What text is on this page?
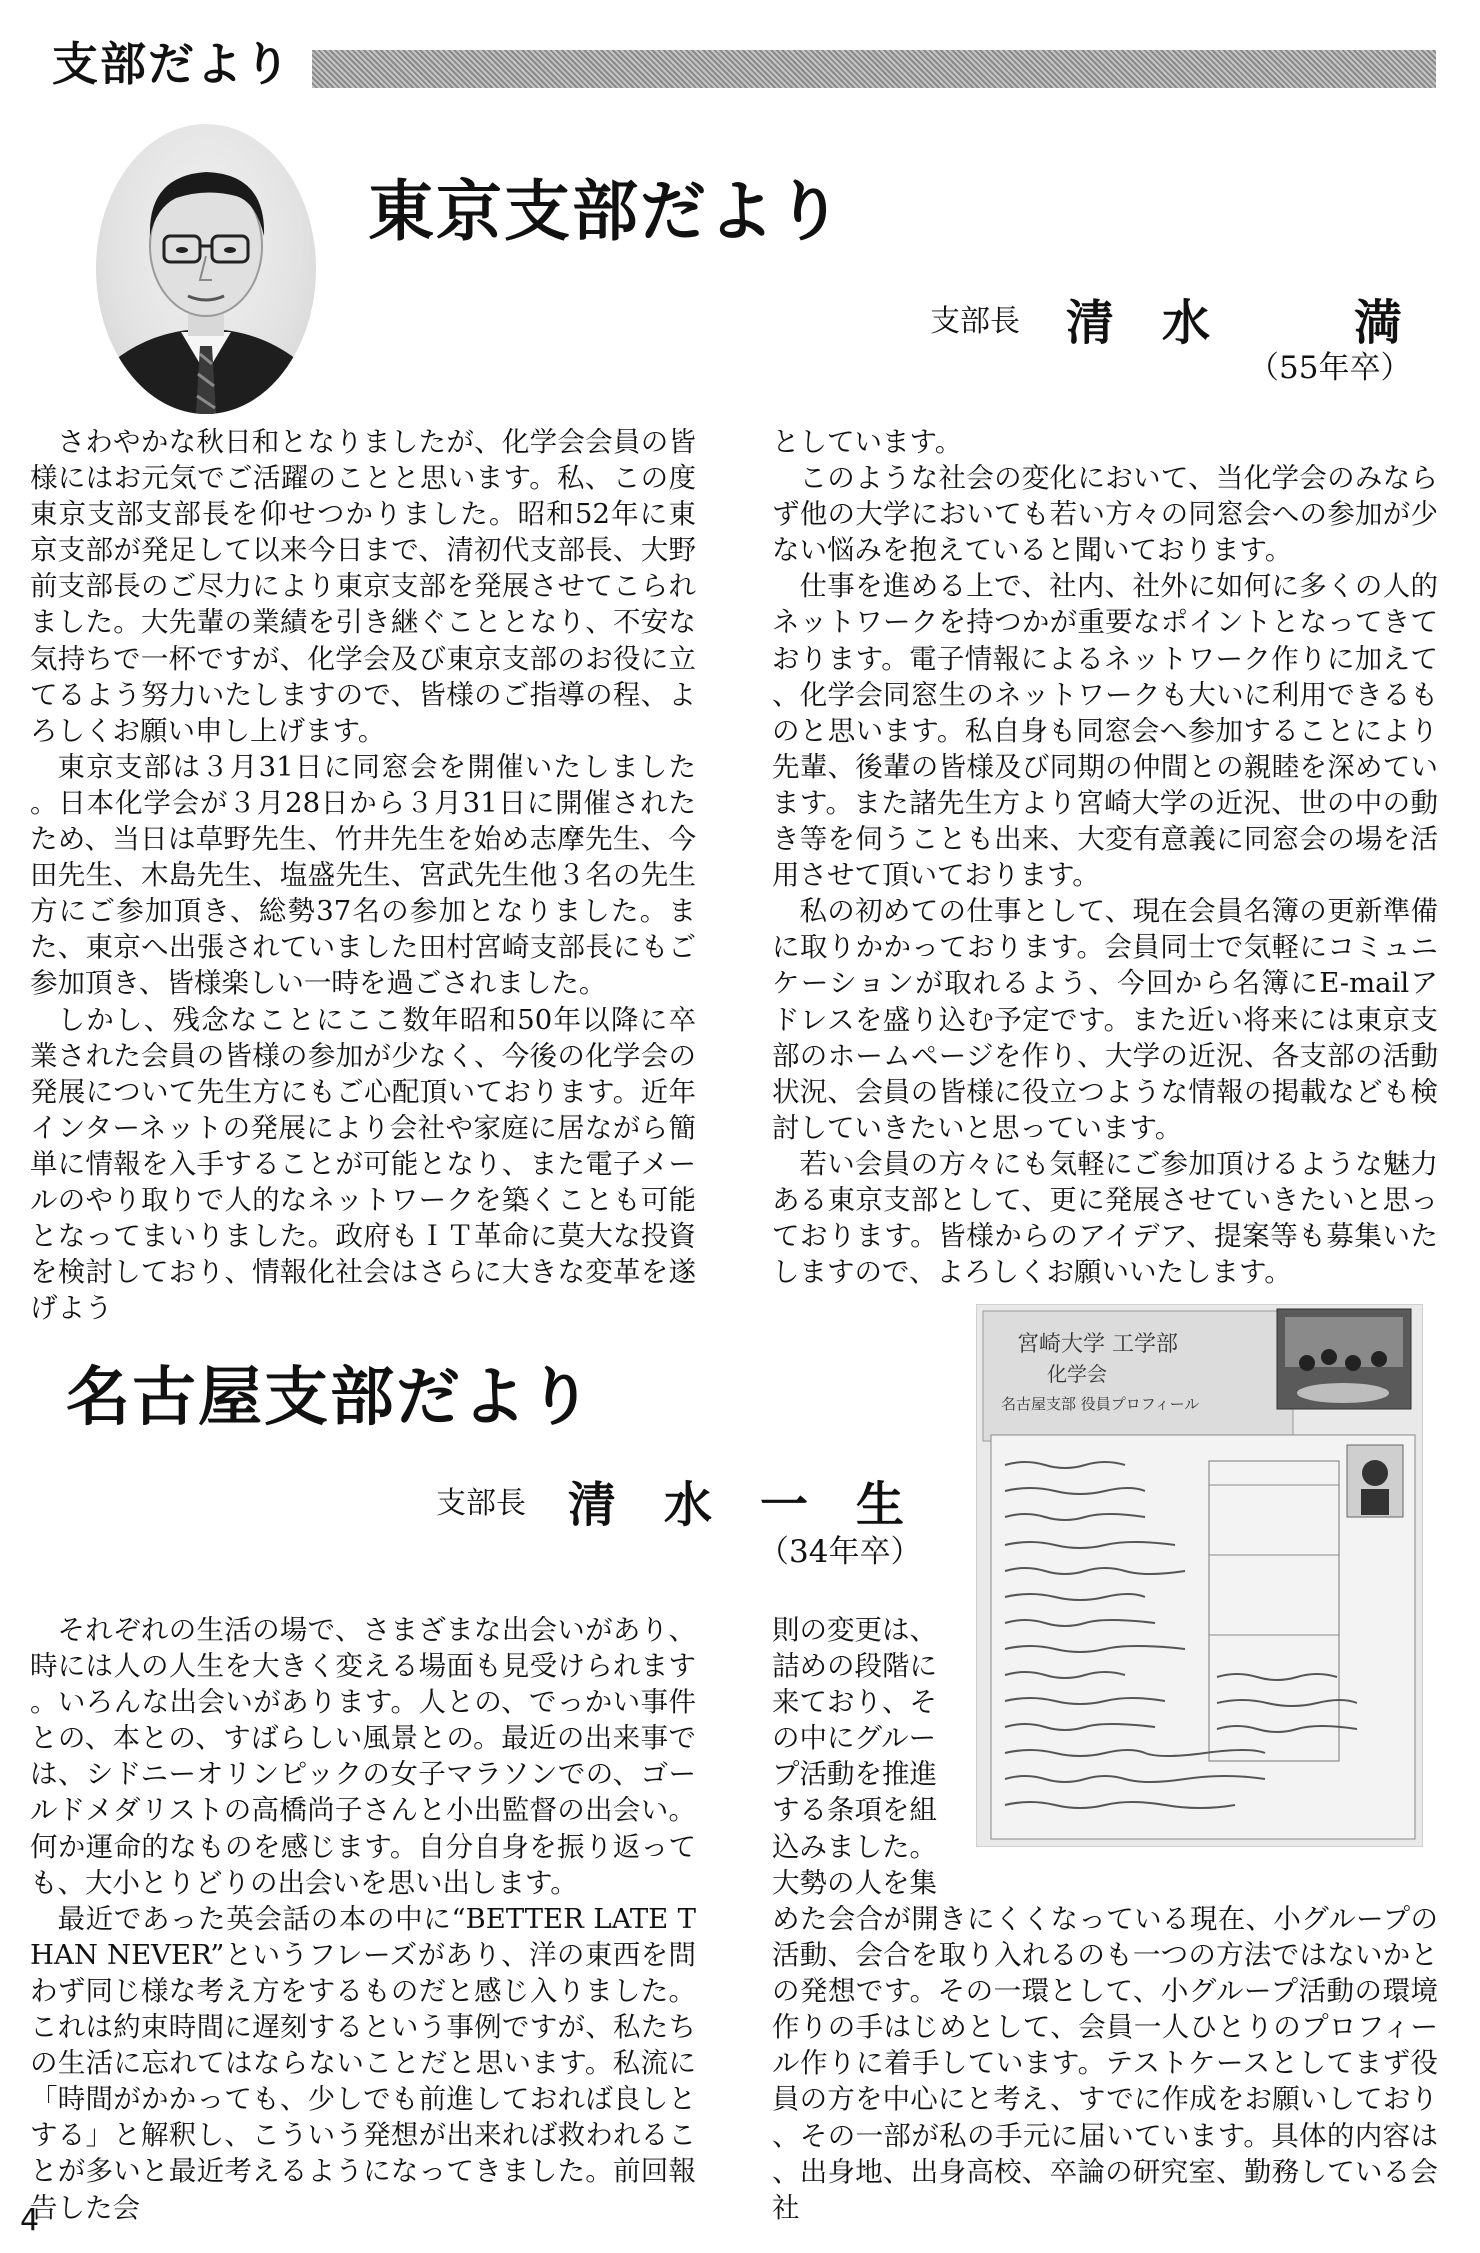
支部だより
東京支部だより
支部長 清　水　　　満
（55年卒）

さわやかな秋日和となりましたが、化学会会員の皆様にはお元気でご活躍のことと思います。私、この度東京支部支部長を仰せつかりました。昭和52年に東京支部が発足して以来今日まで、清初代支部長、大野前支部長のご尽力により東京支部を発展させてこられました。大先輩の業績を引き継ぐこととなり、不安な気持ちで一杯ですが、化学会及び東京支部のお役に立てるよう努力いたしますので、皆様のご指導の程、よろしくお願い申し上げます。

東京支部は３月31日に同窓会を開催いたしました。日本化学会が３月28日から３月31日に開催されたため、当日は草野先生、竹井先生を始め志摩先生、今田先生、木島先生、塩盛先生、宮武先生他３名の先生方にご参加頂き、総勢37名の参加となりました。また、東京へ出張されていました田村宮崎支部長にもご参加頂き、皆様楽しい一時を過ごされました。

しかし、残念なことにここ数年昭和50年以降に卒業された会員の皆様の参加が少なく、今後の化学会の発展について先生方にもご心配頂いております。近年インターネットの発展により会社や家庭に居ながら簡単に情報を入手することが可能となり、また電子メールのやり取りで人的なネットワークを築くことも可能となってまいりました。政府もＩＴ革命に莫大な投資を検討しており、情報化社会はさらに大きな変革を遂げよう

としています。

このような社会の変化において、当化学会のみならず他の大学においても若い方々の同窓会への参加が少ない悩みを抱えていると聞いております。

仕事を進める上で、社内、社外に如何に多くの人的ネットワークを持つかが重要なポイントとなってきております。電子情報によるネットワーク作りに加えて、化学会同窓生のネットワークも大いに利用できるものと思います。私自身も同窓会へ参加することにより先輩、後輩の皆様及び同期の仲間との親睦を深めています。また諸先生方より宮崎大学の近況、世の中の動き等を伺うことも出来、大変有意義に同窓会の場を活用させて頂いております。

私の初めての仕事として、現在会員名簿の更新準備に取りかかっております。会員同士で気軽にコミュニケーションが取れるよう、今回から名簿にE-mailアドレスを盛り込む予定です。また近い将来には東京支部のホームページを作り、大学の近況、各支部の活動状況、会員の皆様に役立つような情報の掲載なども検討していきたいと思っています。

若い会員の方々にも気軽にご参加頂けるような魅力ある東京支部として、更に発展させていきたいと思っております。皆様からのアイデア、提案等も募集いたしますので、よろしくお願いいたします。

名古屋支部だより
支部長 清　水　一　生
（34年卒）
宮崎大学 工学部
化学会
名古屋支部 役員プロフィール

それぞれの生活の場で、さまざまな出会いがあり、時には人の人生を大きく変える場面も見受けられます。いろんな出会いがあります。人との、でっかい事件との、本との、すばらしい風景との。最近の出来事では、シドニーオリンピックの女子マラソンでの、ゴールドメダリストの高橋尚子さんと小出監督の出会い。何か運命的なものを感じます。自分自身を振り返っても、大小とりどりの出会いを思い出します。

最近であった英会話の本の中に“BETTER LATE THAN NEVER”というフレーズがあり、洋の東西を問わず同じ様な考え方をするものだと感じ入りました。これは約束時間に遅刻するという事例ですが、私たちの生活に忘れてはならないことだと思います。私流に「時間がかかっても、少しでも前進しておれば良しとする」と解釈し、こういう発想が出来れば救われることが多いと最近考えるようになってきました。前回報告した会

則の変更は、
詰めの段階に
来ており、そ
の中にグルー
プ活動を推進
する条項を組
込みました。
大勢の人を集

めた会合が開きにくくなっている現在、小グループの活動、会合を取り入れるのも一つの方法ではないかとの発想です。その一環として、小グループ活動の環境作りの手はじめとして、会員一人ひとりのプロフィール作りに着手しています。テストケースとしてまず役員の方を中心にと考え、すでに作成をお願いしており、その一部が私の手元に届いています。具体的内容は、出身地、出身高校、卒論の研究室、勤務している会社

4
